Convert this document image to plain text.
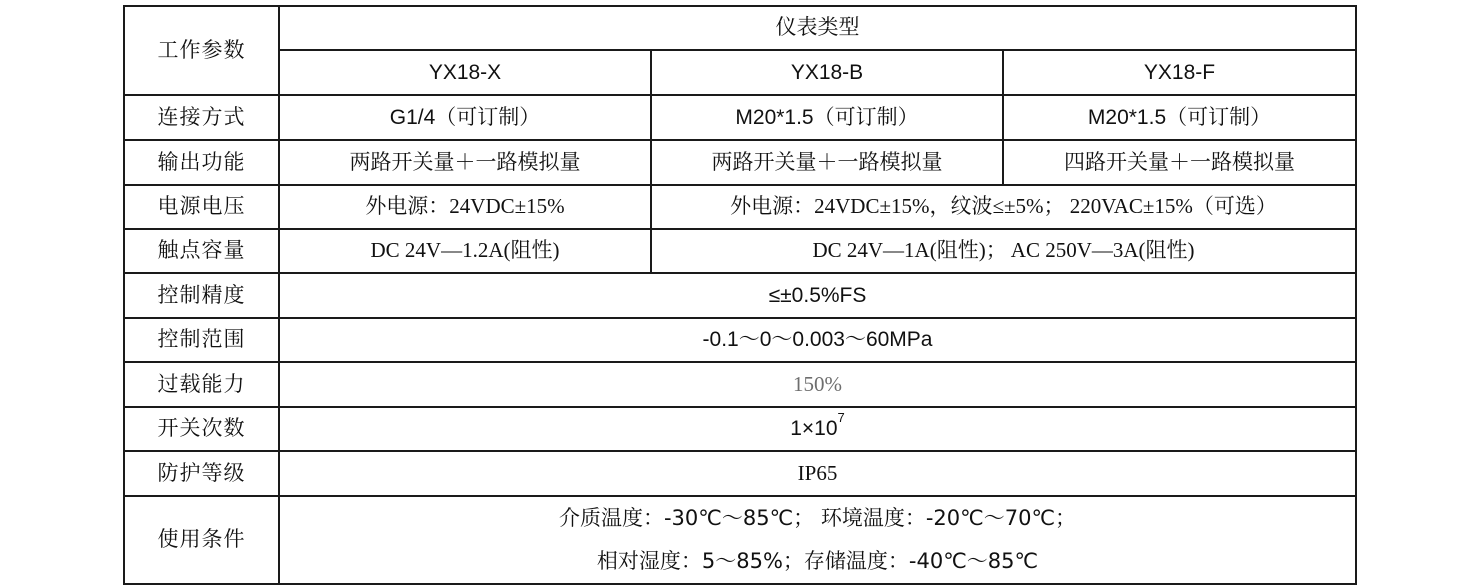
工作参数	仪表类型		
	YX18-X	YX18-B	YX18-F
连接方式	G1/4（可订制）	M20*1.5（可订制）	M20*1.5（可订制）
输出功能	两路开关量＋一路模拟量	两路开关量＋一路模拟量	四路开关量＋一路模拟量
电源电压	外电源：24VDC±15%	外电源：24VDC±15%，纹波≤±5%； 220VAC±15%（可选）	
触点容量	DC 24V—1.2A(阻性)	DC 24V—1A(阻性)； AC 250V—3A(阻性)	
控制精度	≤±0.5%FS		
控制范围	-0.1～0～0.003～60MPa		
过载能力	150%		
开关次数	$1\times 10^7$
防护等级	IP65		
使用条件	介质温度：-30℃～85℃； 环境温度：-20℃～70℃；
相对湿度：5～85%；存储温度：-40℃～85℃		
